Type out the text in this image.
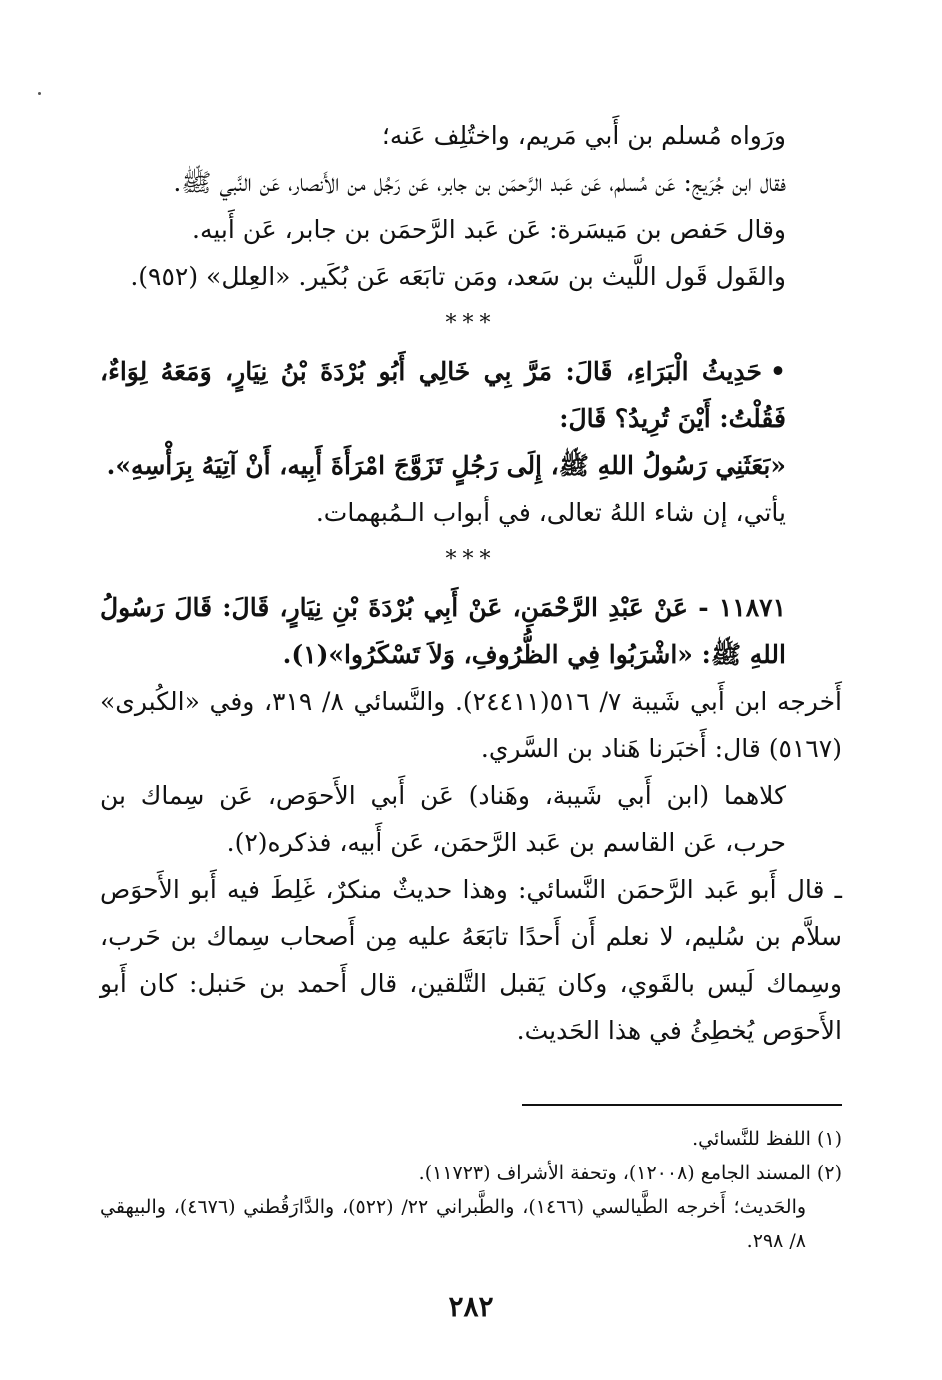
ورَواه مُسلم بن أَبي مَريم، واختُلِف عَنه؛

فقال ابن جُرَيج: عَن مُسلم، عَن عَبد الرَّحمَن بن جابر، عَن رَجُل من الأَنصار، عَن النَّبي ﷺ.

وقال حَفص بن مَيسَرة: عَن عَبد الرَّحمَن بن جابر، عَن أَبيه.

والقَول قَول اللَّيث بن سَعد، ومَن تابَعَه عَن بُكَير. «العِلل» (٩٥٢).

***

•حَدِيثُ الْبَرَاءِ، قَالَ: مَرَّ بِي خَالِي أَبُو بُرْدَةَ بْنُ نِيَارٍ، وَمَعَهُ لِوَاءٌ، فَقُلْتُ: أَيْنَ تُرِيدُ؟ قَالَ:

«بَعَثَنِي رَسُولُ اللهِ ﷺ، إِلَى رَجُلٍ تَزَوَّجَ امْرَأَةَ أَبِيه، أَنْ آتِيَهُ بِرَأْسِهِ».

يأتي، إن شاء اللهُ تعالى، في أبواب الـمُبهمات.

***

١١٨٧١ - عَنْ عَبْدِ الرَّحْمَنِ، عَنْ أَبِي بُرْدَةَ بْنِ نِيَارٍ، قَالَ: قَالَ رَسُولُ اللهِ ﷺ: «اشْرَبُوا فِي الظُّرُوفِ، وَلاَ تَسْكَرُوا»(١).

أَخرجه ابن أَبي شَيبة ٧/ ٥١٦(٢٤٤١١). والنَّسائي ٨/ ٣١٩، وفي «الكُبرى» (٥١٦٧) قال: أَخبَرنا هَناد بن السَّري.

كلاهما (ابن أَبي شَيبة، وهَناد) عَن أَبي الأَحوَص، عَن سِماك بن حرب، عَن القاسم بن عَبد الرَّحمَن، عَن أَبيه، فذكره(٢).

ـ قال أَبو عَبد الرَّحمَن النَّسائي: وهذا حديثٌ منكرٌ، غَلِطَ فيه أَبو الأَحوَص سلاَّم بن سُليم، لا نعلم أَن أَحدًا تابَعَهُ عليه مِن أَصحاب سِماك بن حَرب، وسِماك لَيس بالقَوي، وكان يَقبل التَّلقين، قال أَحمد بن حَنبل: كان أَبو الأَحوَص يُخطِئُ في هذا الحَديث.

(١) اللفظ للنَّسائي.

(٢) المسند الجامع (١٢٠٠٨)، وتحفة الأشراف (١١٧٢٣).

والحَديث؛ أَخرجه الطَّيالسي (١٤٦٦)، والطَّبراني ٢٢/ (٥٢٢)، والدَّارَقُطني (٤٦٧٦)، والبيهقي ٨/ ٢٩٨.

٢٨٢
